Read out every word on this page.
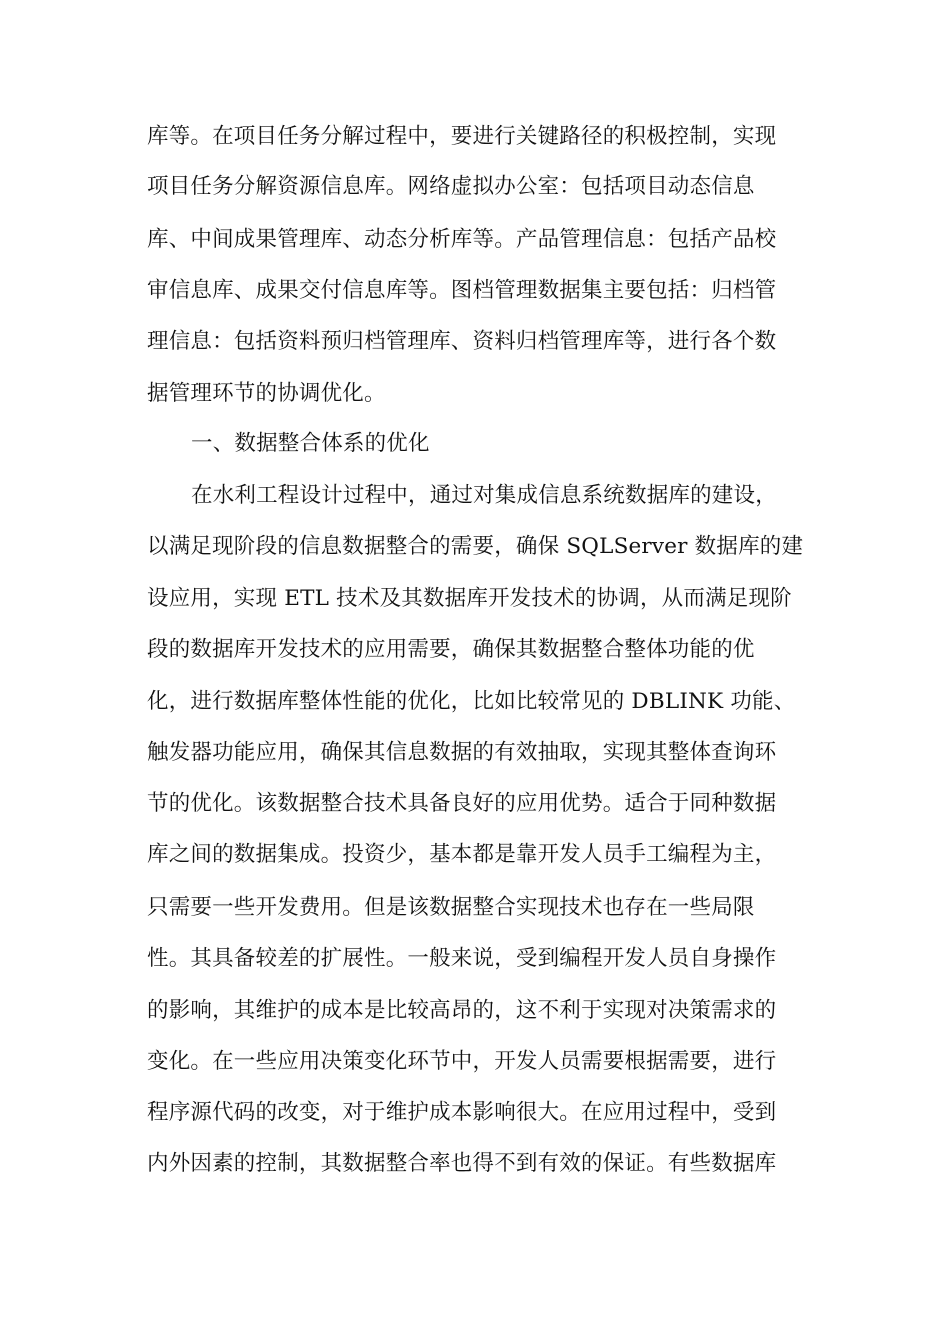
库等。在项目任务分解过程中，要进行关键路径的积极控制，实现
项目任务分解资源信息库。网络虚拟办公室：包括项目动态信息
库、中间成果管理库、动态分析库等。产品管理信息：包括产品校
审信息库、成果交付信息库等。图档管理数据集主要包括：归档管
理信息：包括资料预归档管理库、资料归档管理库等，进行各个数
据管理环节的协调优化。
一、数据整合体系的优化
在水利工程设计过程中，通过对集成信息系统数据库的建设，
以满足现阶段的信息数据整合的需要，确保 SQLServer 数据库的建
设应用，实现 ETL 技术及其数据库开发技术的协调，从而满足现阶
段的数据库开发技术的应用需要，确保其数据整合整体功能的优
化，进行数据库整体性能的优化，比如比较常见的 DBLINK 功能、
触发器功能应用，确保其信息数据的有效抽取，实现其整体查询环
节的优化。该数据整合技术具备良好的应用优势。适合于同种数据
库之间的数据集成。投资少，基本都是靠开发人员手工编程为主，
只需要一些开发费用。但是该数据整合实现技术也存在一些局限
性。其具备较差的扩展性。一般来说，受到编程开发人员自身操作
的影响，其维护的成本是比较高昂的，这不利于实现对决策需求的
变化。在一些应用决策变化环节中，开发人员需要根据需要，进行
程序源代码的改变，对于维护成本影响很大。在应用过程中，受到
内外因素的控制，其数据整合率也得不到有效的保证。有些数据库
